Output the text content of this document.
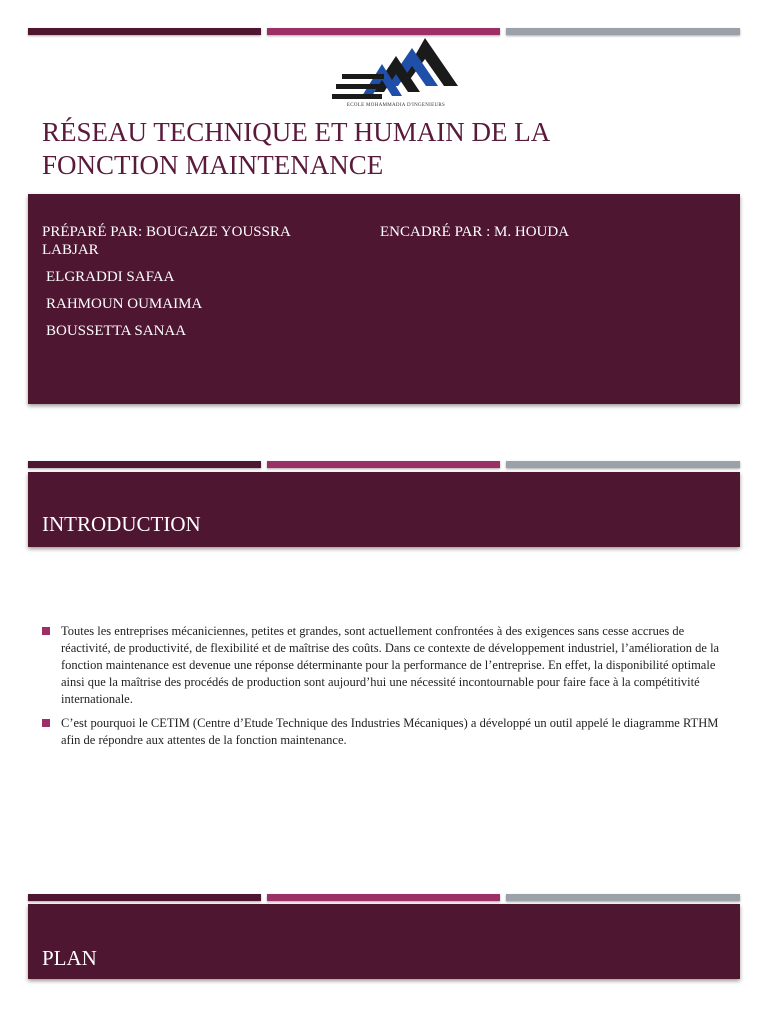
ECOLE MOHAMMADIA D'INGENIEURS
RÉSEAU TECHNIQUE ET HUMAIN DE LA
FONCTION MAINTENANCE
PRÉPARÉ PAR: BOUGAZE YOUSSRA LABJAR
ELGRADDI SAFAA
RAHMOUN OUMAIMA
BOUSSETTA SANAA
ENCADRÉ PAR : M. HOUDA
INTRODUCTION
Toutes les entreprises mécaniciennes, petites et grandes, sont actuellement confrontées à des exigences sans cesse accrues de réactivité, de productivité, de flexibilité et de maîtrise des coûts. Dans ce contexte de développement industriel, l’amélioration de la fonction maintenance est devenue une réponse déterminante pour la performance de l’entreprise. En effet, la disponibilité optimale ainsi que la maîtrise des procédés de production sont aujourd’hui une nécessité incontournable pour faire face à la compétitivité internationale.
C’est pourquoi le CETIM (Centre d’Etude Technique des Industries Mécaniques) a développé un outil appelé le diagramme RTHM afin de répondre aux attentes de la fonction maintenance.
PLAN
